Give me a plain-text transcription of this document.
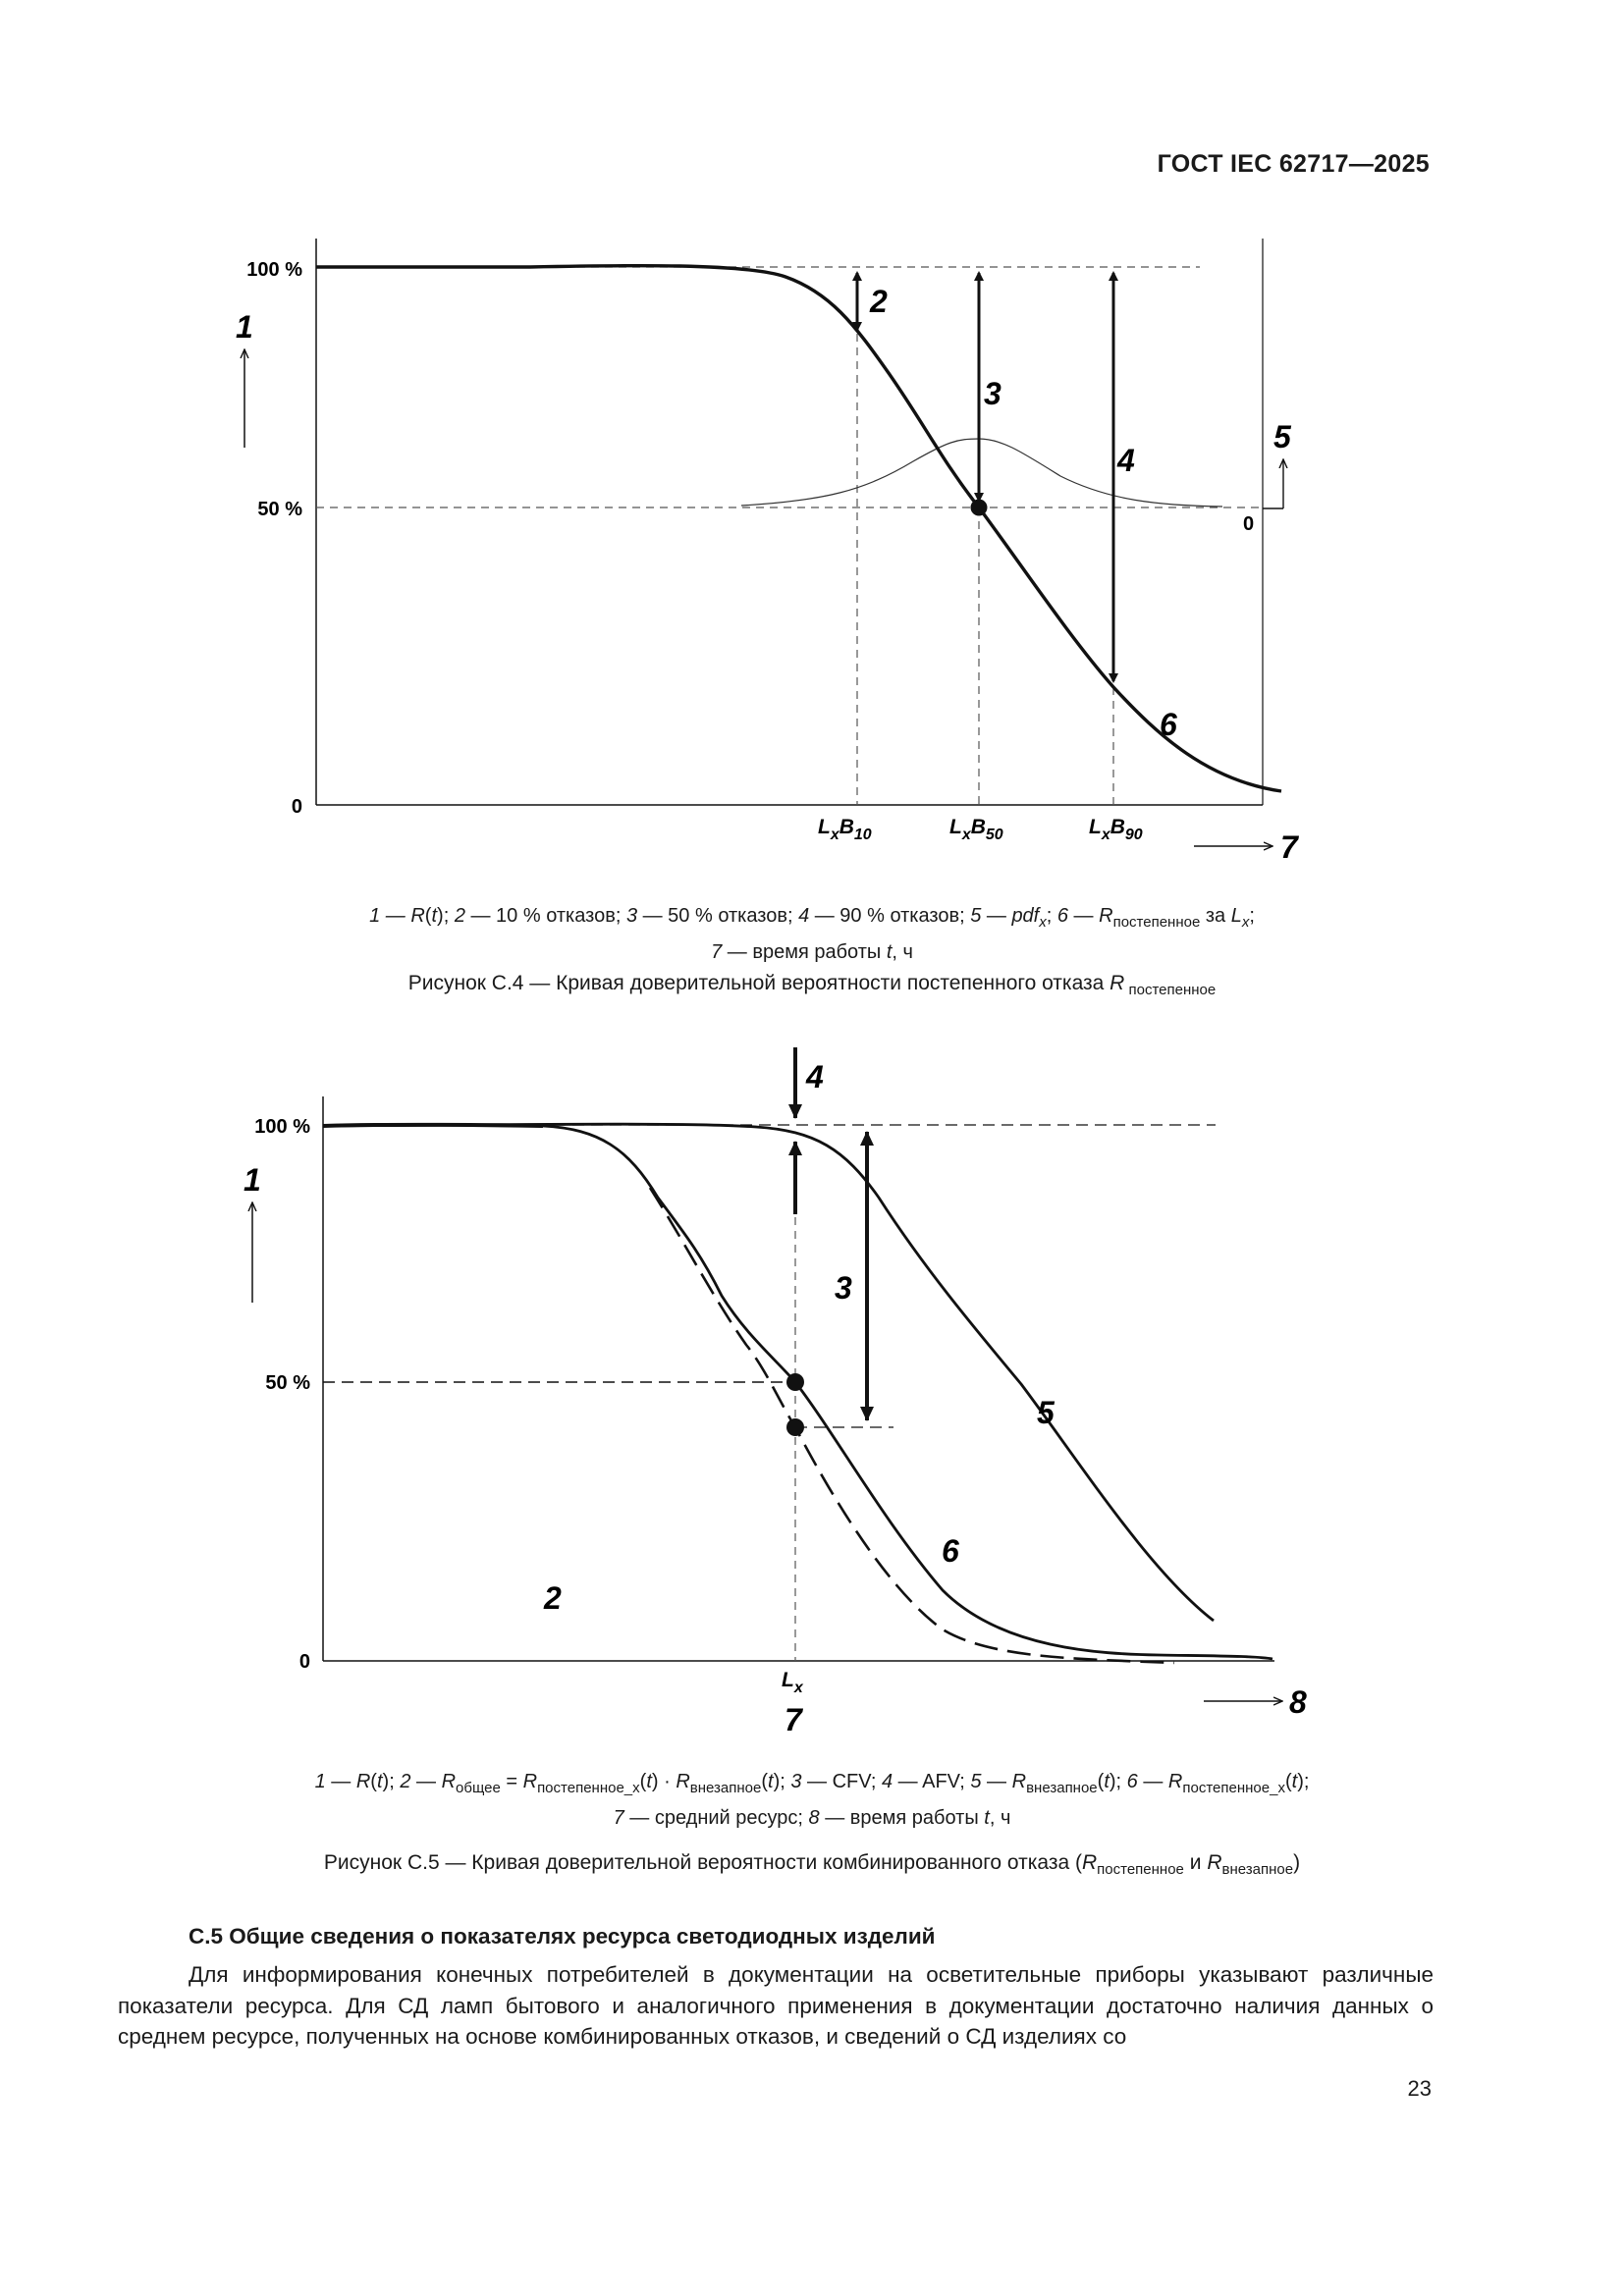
ГОСТ IEC 62717—2025
100 %
50 %
0
0
1
2
3
4
5
6
7
$L_xB_{10}$	$L_xB_{50}$	$L_xB_{90}$
1 — R(t); 2 — 10 % отказов; 3 — 50 % отказов; 4 — 90 % отказов; 5 — pdf$_x$; 6 — $R_{постепенное}$ за $L_x$;
7 — время работы t, ч
Рисунок С.4 — Кривая доверительной вероятности постепенного отказа R $_{постепенное}$
100 %
50 %
0
1
2
3
4
5
6
7	8
$L_x$
1 — R(t); 2 — $R_{общее} = R_{постепенное\_x}(t) \cdot R_{внезапное}(t)$; 3 — CFV; 4 — AFV; 5 — $R_{внезапное}(t)$; 6 — $R_{постепенное\_x}(t)$;
7 — средний ресурс; 8 — время работы t, ч
Рисунок С.5 — Кривая доверительной вероятности комбинированного отказа ($R_{постепенное}$ и $R_{внезапное}$)
С.5 Общие сведения о показателях ресурса светодиодных изделий
Для информирования конечных потребителей в документации на осветительные приборы указывают различные показатели ресурса. Для СД ламп бытового и аналогичного применения в документации достаточно наличия данных о среднем ресурсе, полученных на основе комбинированных отказов, и сведений о СД изделиях со
23
